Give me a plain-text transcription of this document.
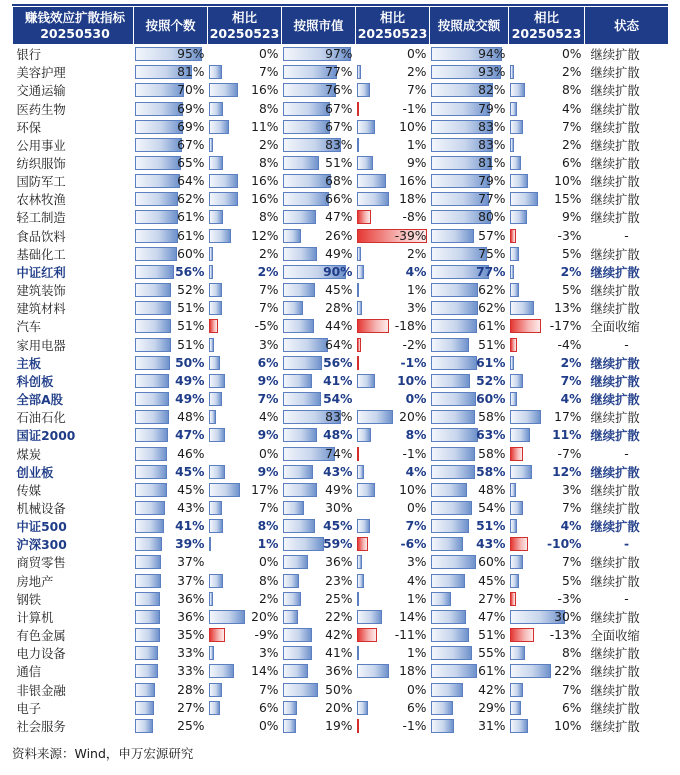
赚钱效应扩散指标
20250530	按照个数	相比
20250523	按照市值	相比
20250523	按照成交额	相比
20250523	状态
银行	95%	0%	97%	0%	94%	0%	继续扩散
美容护理	81%	7%	77%	2%	93%	2%	继续扩散
交通运输	70%	16%	76%	7%	82%	8%	继续扩散
医药生物	69%	8%	67%	-1%	79%	4%	继续扩散
环保	69%	11%	67%	10%	83%	7%	继续扩散
公用事业	67%	2%	83%	1%	83%	2%	继续扩散
纺织服饰	65%	8%	51%	9%	81%	6%	继续扩散
国防军工	64%	16%	68%	16%	79%	10%	继续扩散
农林牧渔	62%	16%	66%	18%	77%	15%	继续扩散
轻工制造	61%	8%	47%	-8%	80%	9%	继续扩散
食品饮料	61%	12%	26%	-39%	57%	-3%	-
基础化工	60%	2%	49%	2%	75%	5%	继续扩散
中证红利	56%	2%	90%	4%	77%	2%	继续扩散
建筑装饰	52%	7%	45%	1%	62%	5%	继续扩散
建筑材料	51%	7%	28%	3%	62%	13%	继续扩散
汽车	51%	-5%	44%	-18%	61%	-17%	全面收缩
家用电器	51%	3%	64%	-2%	51%	-4%	-
主板	50%	6%	56%	-1%	61%	2%	继续扩散
科创板	49%	9%	41%	10%	52%	7%	继续扩散
全部A股	49%	7%	54%	0%	60%	4%	继续扩散
石油石化	48%	4%	83%	20%	58%	17%	继续扩散
国证2000	47%	9%	48%	8%	63%	11%	继续扩散
煤炭	46%	0%	74%	-1%	58%	-7%	-
创业板	45%	9%	43%	4%	58%	12%	继续扩散
传媒	45%	17%	49%	10%	48%	3%	继续扩散
机械设备	43%	7%	30%	0%	54%	7%	继续扩散
中证500	41%	8%	45%	7%	51%	4%	继续扩散
沪深300	39%	1%	59%	-6%	43%	-10%	-
商贸零售	37%	0%	36%	3%	60%	7%	继续扩散
房地产	37%	8%	23%	4%	45%	5%	继续扩散
钢铁	36%	2%	25%	1%	27%	-3%	-
计算机	36%	20%	22%	14%	47%	30%	继续扩散
有色金属	35%	-9%	42%	-11%	51%	-13%	全面收缩
电力设备	33%	3%	41%	1%	55%	8%	继续扩散
通信	33%	14%	36%	18%	61%	22%	继续扩散
非银金融	28%	7%	50%	0%	42%	7%	继续扩散
电子	27%	6%	20%	6%	29%	6%	继续扩散
社会服务	25%	0%	19%	-1%	31%	10%	继续扩散
资料来源：Wind，申万宏源研究
